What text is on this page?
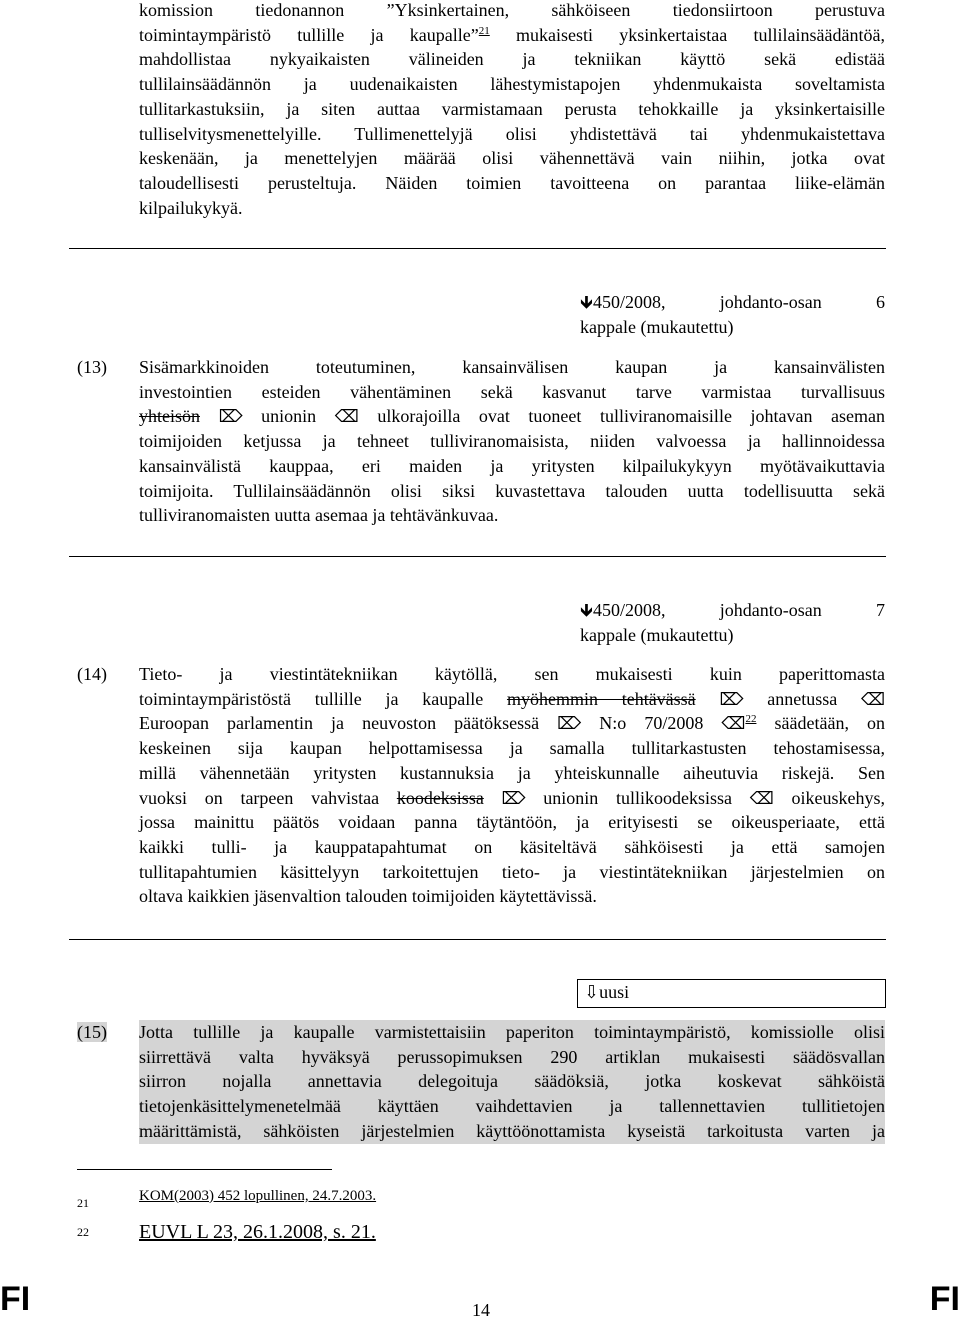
komission tiedonannon ”Yksinkertainen, sähköiseen tiedonsiirtoon perustuva
toimintaympäristö tullille ja kaupalle”$^{21}$ mukaisesti yksinkertaistaa tullilainsäädäntöä,
mahdollistaa nykyaikaisten välineiden ja tekniikan käyttö sekä edistää
tullilainsäädännön ja uudenaikaisten lähestymistapojen yhdenmukaista soveltamista
tullitarkastuksiin, ja siten auttaa varmistamaan perusta tehokkaille ja yksinkertaisille
tulliselvitysmenettelyille. Tullimenettelyjä olisi yhdistettävä tai yhdenmukaistettava
keskenään, ja menettelyjen määrää olisi vähennettävä vain niihin, jotka ovat
taloudellisesti perusteltuja. Näiden toimien tavoitteena on parantaa liike-elämän
kilpailukykyä.
🡻450/2008, johdanto-osan 6
kappale (mukautettu)
(13) Sisämarkkinoiden toteutuminen, kansainvälisen kaupan ja kansainvälisten
investointien esteiden vähentäminen sekä kasvanut tarve varmistaa turvallisuus
yhteisön ⌦ unionin ⌫ ulkorajoilla ovat tuoneet tulliviranomaisille johtavan aseman
toimijoiden ketjussa ja tehneet tulliviranomaisista, niiden valvoessa ja hallinnoidessa
kansainvälistä kauppaa, eri maiden ja yritysten kilpailukykyyn myötävaikuttavia
toimijoita. Tullilainsäädännön olisi siksi kuvastettava talouden uutta todellisuutta sekä
tulliviranomaisten uutta asemaa ja tehtävänkuvaa.
🡻450/2008, johdanto-osan 7
kappale (mukautettu)
(14) Tieto- ja viestintätekniikan käytöllä, sen mukaisesti kuin paperittomasta
toimintaympäristöstä tullille ja kaupalle myöhemmin tehtävässä ⌦ annetussa ⌫
Euroopan parlamentin ja neuvoston päätöksessä ⌦ N:o 70/2008 ⌫$^{22}$ säädetään, on
keskeinen sija kaupan helpottamisessa ja samalla tullitarkastusten tehostamisessa,
millä vähennetään yritysten kustannuksia ja yhteiskunnalle aiheutuvia riskejä. Sen
vuoksi on tarpeen vahvistaa koodeksissa ⌦ unionin tullikoodeksissa ⌫ oikeuskehys,
jossa mainittu päätös voidaan panna täytäntöön, ja erityisesti se oikeusperiaate, että
kaikki tulli- ja kauppatapahtumat on käsiteltävä sähköisesti ja että samojen
tullitapahtumien käsittelyyn tarkoitettujen tieto- ja viestintätekniikan järjestelmien on
oltava kaikkien jäsenvaltion talouden toimijoiden käytettävissä.
⇩uusi
(15) Jotta tullille ja kaupalle varmistettaisiin paperiton toimintaympäristö, komissiolle olisi
siirrettävä valta hyväksyä perussopimuksen 290 artiklan mukaisesti säädösvallan
siirron nojalla annettavia delegoituja säädöksiä, jotka koskevat sähköistä
tietojenkäsittelymenetelmää käyttäen vaihdettavien ja tallennettavien tullitietojen
määrittämistä, sähköisten järjestelmien käyttöönottamista kyseistä tarkoitusta varten ja
21	KOM(2003) 452 lopullinen, 24.7.2003.
22	EUVL L 23, 26.1.2008, s. 21.
FI	14	FI
